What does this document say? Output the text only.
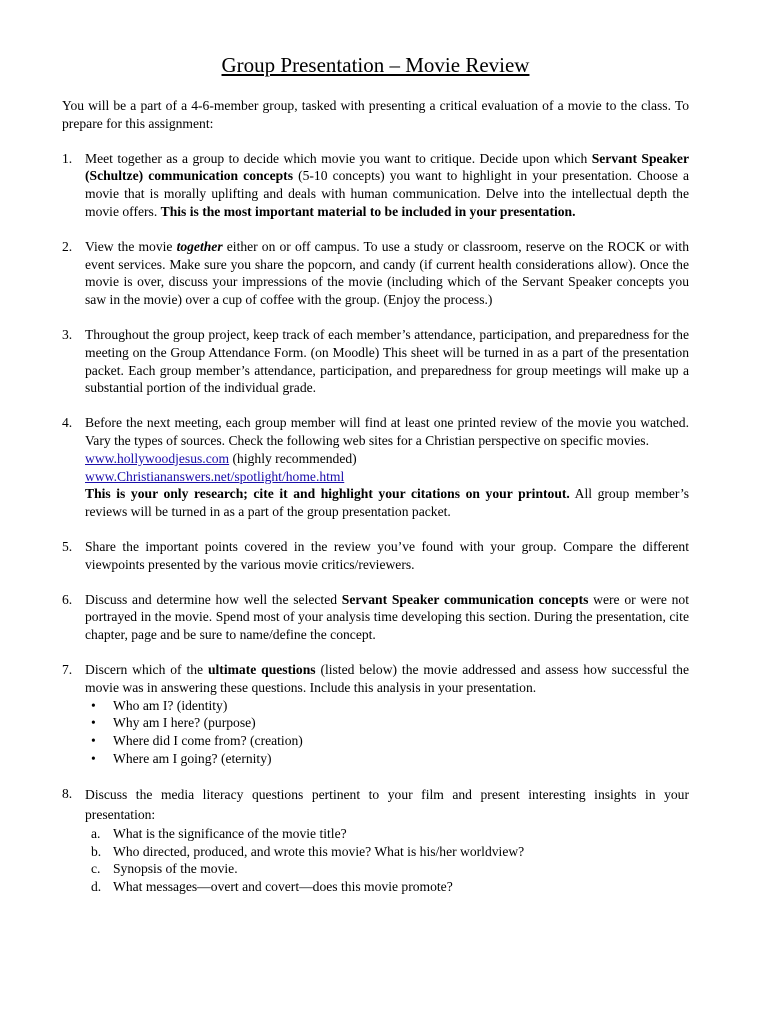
Group Presentation – Movie Review

You will be a part of a 4-6-member group, tasked with presenting a critical evaluation of a movie to the class. To prepare for this assignment:

1. Meet together as a group to decide which movie you want to critique. Decide upon which Servant Speaker (Schultze) communication concepts (5-10 concepts) you want to highlight in your presentation. Choose a movie that is morally uplifting and deals with human communication. Delve into the intellectual depth the movie offers. This is the most important material to be included in your presentation.
2. View the movie together either on or off campus. To use a study or classroom, reserve on the ROCK or with event services. Make sure you share the popcorn, and candy (if current health considerations allow). Once the movie is over, discuss your impressions of the movie (including which of the Servant Speaker concepts you saw in the movie) over a cup of coffee with the group. (Enjoy the process.)
3. Throughout the group project, keep track of each member’s attendance, participation, and preparedness for the meeting on the Group Attendance Form. (on Moodle) This sheet will be turned in as a part of the presentation packet. Each group member’s attendance, participation, and preparedness for group meetings will make up a substantial portion of the individual grade.
4. Before the next meeting, each group member will find at least one printed review of the movie you watched. Vary the types of sources. Check the following web sites for a Christian perspective on specific movies.
www.hollywoodjesus.com (highly recommended)
www.Christiananswers.net/spotlight/home.html
This is your only research; cite it and highlight your citations on your printout. All group member’s reviews will be turned in as a part of the group presentation packet.
5. Share the important points covered in the review you’ve found with your group. Compare the different viewpoints presented by the various movie critics/reviewers.
6. Discuss and determine how well the selected Servant Speaker communication concepts were or were not portrayed in the movie. Spend most of your analysis time developing this section. During the presentation, cite chapter, page and be sure to name/define the concept.
7. Discern which of the ultimate questions (listed below) the movie addressed and assess how successful the movie was in answering these questions. Include this analysis in your presentation.
• Who am I? (identity)
• Why am I here? (purpose)
• Where did I come from? (creation)
• Where am I going? (eternity)
8. Discuss the media literacy questions pertinent to your film and present interesting insights in your presentation:
a. What is the significance of the movie title?
b. Who directed, produced, and wrote this movie? What is his/her worldview?
c. Synopsis of the movie.
d. What messages—overt and covert—does this movie promote?
